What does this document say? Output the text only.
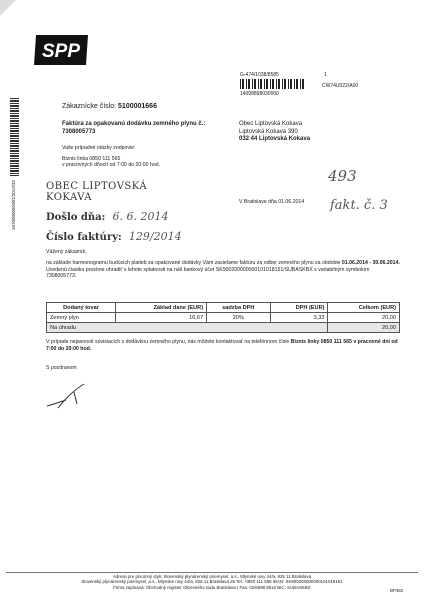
SPP
1876000050301/2013/32
G-474/1038/8585	1
CW74U022/A00
14008898030000
Zákaznícke číslo: 5100001666
Faktúra za opakovanú dodávku zemného plynu č.:
7308005773
Obec Liptovská Kokava
Liptovská Kokava 390
032 44 Liptovská Kokava
Vaše prípadné otázky zodpovie:
Biznis linka 0850 111 565
v pracovných dňoch od 7:00 do 20:00 hod.
OBEC LIPTOVSKÁ KOKAVA
Došlo dňa: 6. 6. 2014
Číslo faktúry: 129/2014
493
fakt. č. 3
V Bratislave dňa 01.06.2014
Vážený zákazník,
na základe harmonogramu budúcich platieb za opakované dodávky Vám zasielame faktúru za odber zemného plynu za obdobie 01.06.2014 - 30.06.2014.
Uvedenú čiastku prosíme uhradiť v lehote splatnosti na náš bankový účet SK9002000000001010181​51/SUBASKBX s variabilným symbolom 7308005773.
Dodaný tovar	Základ dane (EUR)	sadzba DPH	DPH (EUR)	Celkom (EUR)
Zemný plyn	16,67	20%	3,33	20,00
Na úhradu				20,00
V prípade nejasností súvisiacich s dodávkou zemného plynu, nás môžete kontaktovať na telefónnom čísle Biznis linky 0850 111 565 v pracovné dni od 7:00 do 20:00 hod.
S pozdravom
Adresa pre písomný styk: Slovenský plynárenský priemysel, a.s., Mlynské nivy 44/a, 825 11 Bratislava
Slovenský plynárenský priemysel, a.s., Mlynské nivy 44/a, 825 11 Bratislava 26 Tel.: 0850 111 565 IBAN: SK9002000000001010181​51
Firma zapísaná: Obchodný register Okresného súdu Bratislava I Fax: 02/6898 8010 BIC: SUBASKBX
BP482
